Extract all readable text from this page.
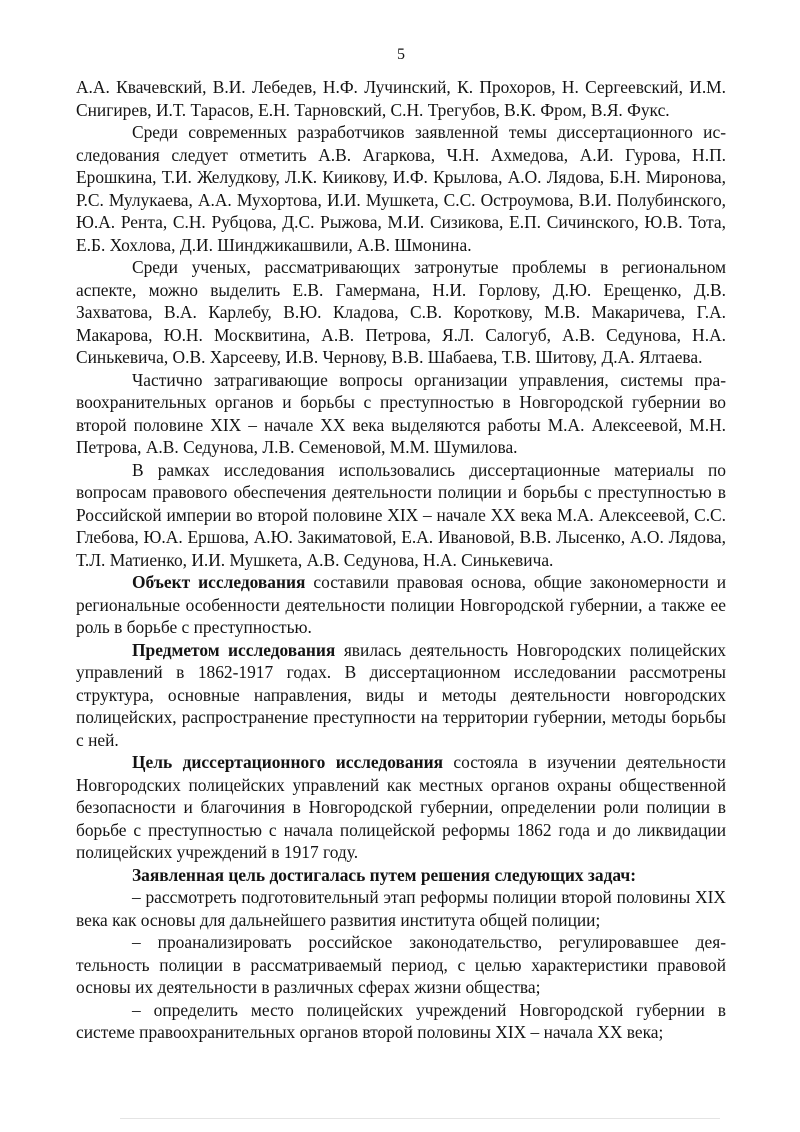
5

А.А. Квачевский, В.И. Лебедев, Н.Ф. Лучинский, К. Прохоров, Н. Сергеевский, И.М. Снигирев, И.Т. Тарасов, Е.Н. Тарновский, С.Н. Трегубов, В.К. Фром, В.Я. Фукс.

Среди современных разработчиков заявленной темы диссертационного исследования следует отметить А.В. Агаркова, Ч.Н. Ахмедова, А.И. Гурова, Н.П. Ерошкина, Т.И. Желудкову, Л.К. Киикову, И.Ф. Крылова, А.О. Лядова, Б.Н. Миронова, Р.С. Мулукаева, А.А. Мухортова, И.И. Мушкета, С.С. Остроумова, В.И. Полубинского, Ю.А. Рента, С.Н. Рубцова, Д.С. Рыжова, М.И. Сизикова, Е.П. Сичинского, Ю.В. Тота, Е.Б. Хохлова, Д.И. Шинджикашвили, А.В. Шмонина.

Среди ученых, рассматривающих затронутые проблемы в региональном аспекте, можно выделить Е.В. Гамермана, Н.И. Горлову, Д.Ю. Ерещенко, Д.В. Захватова, В.А. Карлебу, В.Ю. Кладова, С.В. Короткову, М.В. Макаричева, Г.А. Макарова, Ю.Н. Москвитина, А.В. Петрова, Я.Л. Салогуб, А.В. Седунова, Н.А. Синькевича, О.В. Харсееву, И.В. Чернову, В.В. Шабаева, Т.В. Шитову, Д.А. Ялтаева.

Частично затрагивающие вопросы организации управления, системы правоохранительных органов и борьбы с преступностью в Новгородской губернии во второй половине XIX – начале XX века выделяются работы М.А. Алексеевой, М.Н. Петрова, А.В. Седунова, Л.В. Семеновой, М.М. Шумилова.

В рамках исследования использовались диссертационные материалы по вопросам правового обеспечения деятельности полиции и борьбы с преступностью в Российской империи во второй половине XIX – начале XX века М.А. Алексеевой, С.С. Глебова, Ю.А. Ершова, А.Ю. Закиматовой, Е.А. Ивановой, В.В. Лысенко, А.О. Лядова, Т.Л. Матиенко, И.И. Мушкета, А.В. Седунова, Н.А. Синькевича.

Объект исследования составили правовая основа, общие закономерности и региональные особенности деятельности полиции Новгородской губернии, а также ее роль в борьбе с преступностью.

Предметом исследования явилась деятельность Новгородских полицейских управлений в 1862-1917 годах. В диссертационном исследовании рассмотрены структура, основные направления, виды и методы деятельности новгородских полицейских, распространение преступности на территории губернии, методы борьбы с ней.

Цель диссертационного исследования состояла в изучении деятельности Новгородских полицейских управлений как местных органов охраны общественной безопасности и благочиния в Новгородской губернии, определении роли полиции в борьбе с преступностью с начала полицейской реформы 1862 года и до ликвидации полицейских учреждений в 1917 году.

Заявленная цель достигалась путем решения следующих задач:

– рассмотреть подготовительный этап реформы полиции второй половины XIX века как основы для дальнейшего развития института общей полиции;

– проанализировать российское законодательство, регулировавшее деятельность полиции в рассматриваемый период, с целью характеристики правовой основы их деятельности в различных сферах жизни общества;

– определить место полицейских учреждений Новгородской губернии в системе правоохранительных органов второй половины XIX – начала XX века;
